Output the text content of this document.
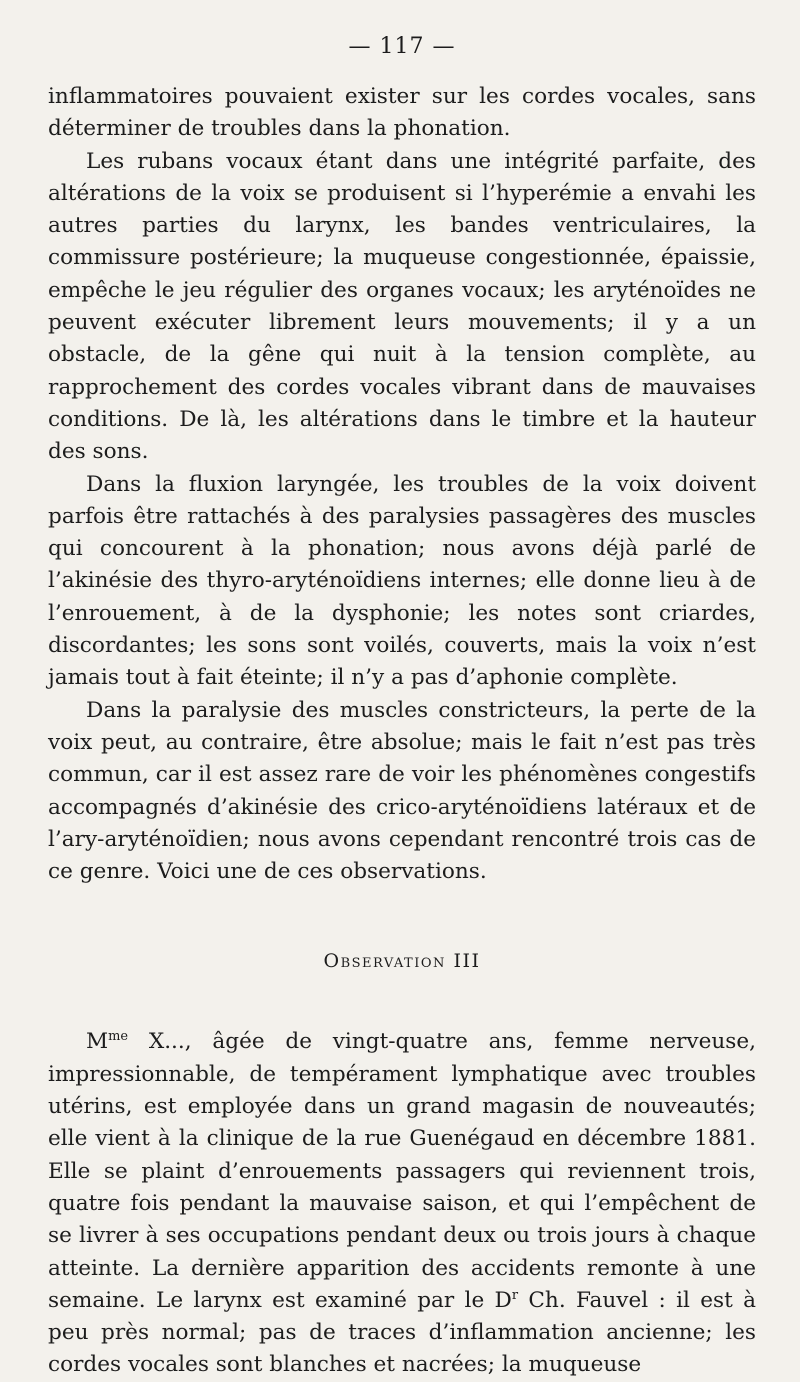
— 117 —

inflammatoires pouvaient exister sur les cordes vocales, sans déterminer de troubles dans la phonation.

Les rubans vocaux étant dans une intégrité parfaite, des altérations de la voix se produisent si l’hyperémie a envahi les autres parties du larynx, les bandes ventriculaires, la commissure postérieure; la muqueuse congestionnée, épaissie, empêche le jeu régulier des organes vocaux; les aryténoïdes ne peuvent exécuter librement leurs mouvements; il y a un obstacle, de la gêne qui nuit à la tension complète, au rapprochement des cordes vocales vibrant dans de mauvaises conditions. De là, les altérations dans le timbre et la hauteur des sons.

Dans la fluxion laryngée, les troubles de la voix doivent parfois être rattachés à des paralysies passagères des muscles qui concourent à la phonation; nous avons déjà parlé de l’akinésie des thyro-aryténoïdiens internes; elle donne lieu à de l’enrouement, à de la dysphonie; les notes sont criardes, discordantes; les sons sont voilés, couverts, mais la voix n’est jamais tout à fait éteinte; il n’y a pas d’aphonie complète.

Dans la paralysie des muscles constricteurs, la perte de la voix peut, au contraire, être absolue; mais le fait n’est pas très commun, car il est assez rare de voir les phénomènes congestifs accompagnés d’akinésie des crico-aryténoïdiens latéraux et de l’ary-aryténoïdien; nous avons cependant rencontré trois cas de ce genre. Voici une de ces observations.

Observation III

$M^{me}$ X..., âgée de vingt-quatre ans, femme nerveuse, impressionnable, de tempérament lymphatique avec troubles utérins, est employée dans un grand magasin de nouveautés; elle vient à la clinique de la rue Guenégaud en décembre 1881. Elle se plaint d’enrouements passagers qui reviennent trois, quatre fois pendant la mauvaise saison, et qui l’empêchent de se livrer à ses occupations pendant deux ou trois jours à chaque atteinte. La dernière apparition des accidents remonte à une semaine. Le larynx est examiné par le $D^r$ Ch. Fauvel : il est à peu près normal; pas de traces d’inflammation ancienne; les cordes vocales sont blanches et nacrées; la muqueuse
